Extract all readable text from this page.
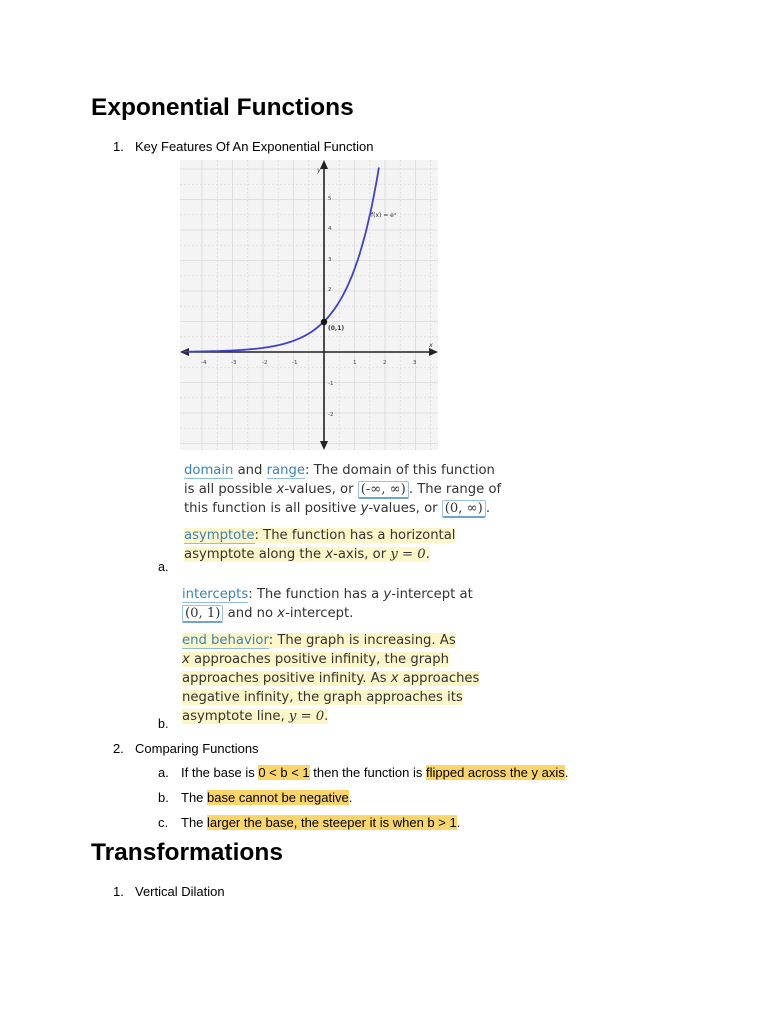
Exponential Functions
1. Key Features Of An Exponential Function
y
x
f(x) = eˣ
(0,1)
-4	-3	-2	-1	1	2	3
5
4
3
2
-1
-2
a.

domain and range: The domain of this function
is all possible x-values, or (-∞, ∞) . The range of
this function is all positive y-values, or (0, ∞) .

asymptote: The function has a horizontal
asymptote along the x-axis, or y = 0.

b.

intercepts: The function has a y-intercept at
(0, 1) and no x-intercept.

end behavior: The graph is increasing. As
x approaches positive infinity, the graph
approaches positive infinity. As x approaches
negative infinity, the graph approaches its
asymptote line, y = 0.

2. Comparing Functions
a. If the base is 0 < b < 1 then the function is flipped across the y axis.
b. The base cannot be negative.
c. The larger the base, the steeper it is when b > 1.
Transformations
1. Vertical Dilation
